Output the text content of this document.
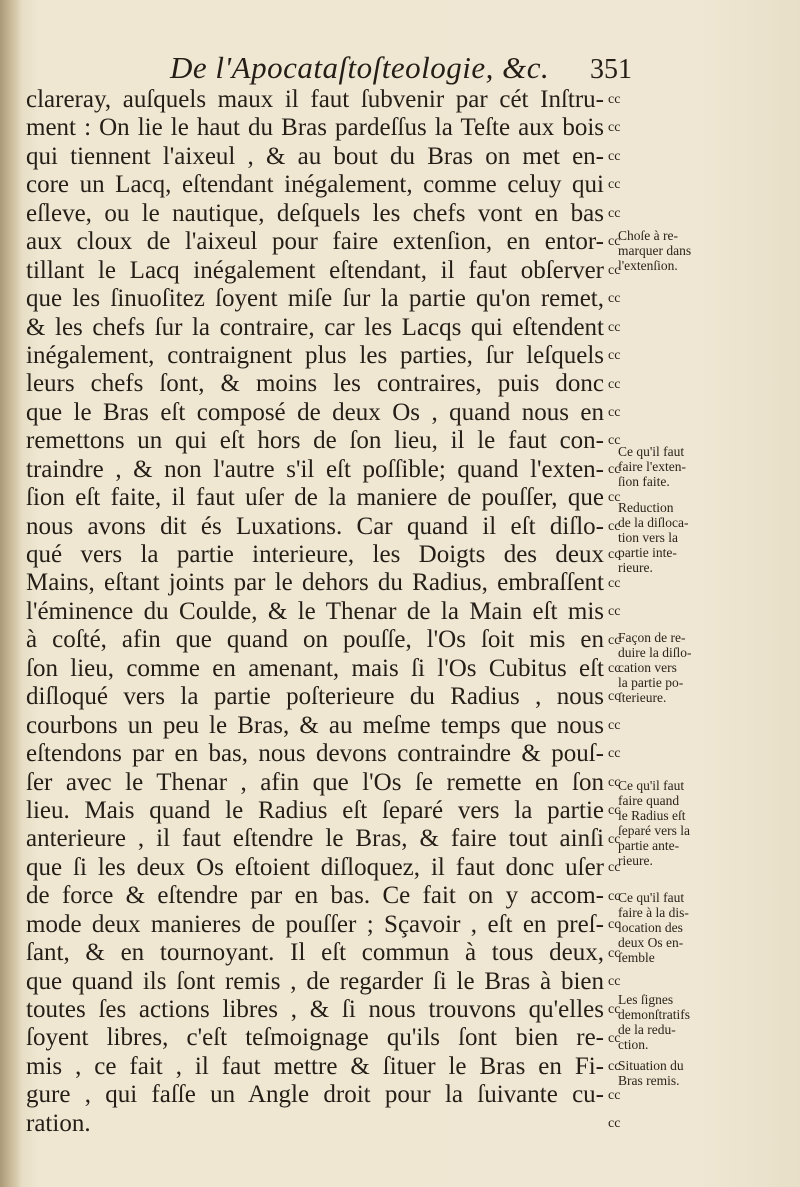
De l'Apocataſtoſteologie, &c. 351
clareray, auſquels maux il faut ſubvenir par cét Inſtru-
ment : On lie le haut du Bras pardeſſus la Teſte aux bois
qui tiennent l'aixeul , & au bout du Bras on met en-
core un Lacq, eſtendant inégalement, comme celuy qui
eſleve, ou le nautique, deſquels les chefs vont en bas
aux cloux de l'aixeul pour faire extenſion, en entor-
tillant le Lacq inégalement eſtendant, il faut obſerver
que les ſinuoſitez ſoyent miſe ſur la partie qu'on remet,
& les chefs ſur la contraire, car les Lacqs qui eſtendent
inégalement, contraignent plus les parties, ſur leſquels
leurs chefs ſont, & moins les contraires, puis donc
que le Bras eſt composé de deux Os , quand nous en
remettons un qui eſt hors de ſon lieu, il le faut con-
traindre , & non l'autre s'il eſt poſſible; quand l'exten-
ſion eſt faite, il faut uſer de la maniere de pouſſer, que
nous avons dit és Luxations. Car quand il eſt diſlo-
qué vers la partie interieure, les Doigts des deux
Mains, eſtant joints par le dehors du Radius, embraſſent
l'éminence du Coulde, & le Thenar de la Main eſt mis
à coſté, afin que quand on pouſſe, l'Os ſoit mis en
ſon lieu, comme en amenant, mais ſi l'Os Cubitus eſt
diſloqué vers la partie poſterieure du Radius , nous
courbons un peu le Bras, & au meſme temps que nous
eſtendons par en bas, nous devons contraindre & pouſ-
ſer avec le Thenar , afin que l'Os ſe remette en ſon
lieu. Mais quand le Radius eſt ſeparé vers la partie
anterieure , il faut eſtendre le Bras, & faire tout ainſi
que ſi les deux Os eſtoient diſloquez, il faut donc uſer
de force & eſtendre par en bas. Ce fait on y accom-
mode deux manieres de pouſſer ; Sçavoir , eſt en preſ-
ſant, & en tournoyant. Il eſt commun à tous deux,
que quand ils ſont remis , de regarder ſi le Bras à bien
toutes ſes actions libres , & ſi nous trouvons qu'elles
ſoyent libres, c'eſt teſmoignage qu'ils ſont bien re-
mis , ce fait , il faut mettre & ſituer le Bras en Fi-
gure , qui faſſe un Angle droit pour la ſuivante cu-
ration.
cc
cc
cc
cc
cc
cc
cc
cc
cc
cc
cc
cc
cc
cc
cc
cc
cc
cc
cc
cc
cc
cc
cc
cc
cc
cc
cc
cc
cc
cc
cc
cc
cc
cc
cc
cc
cc
Choſe à re-
marquer dans
l'extenſion.
Ce qu'il faut
faire l'exten-
ſion faite.
Reduction
de la diſloca-
tion vers la
partie inte-
rieure.
Façon de re-
duire la diſlo-
cation vers
la partie po-
ſterieure.
Ce qu'il faut
faire quand
le Radius eſt
ſeparé vers la
partie ante-
rieure.
Ce qu'il faut
faire à la dis-
location des
deux Os en-
ſemble
Les ſignes
demonſtratifs
de la redu-
ction.
Situation du
Bras remis.
